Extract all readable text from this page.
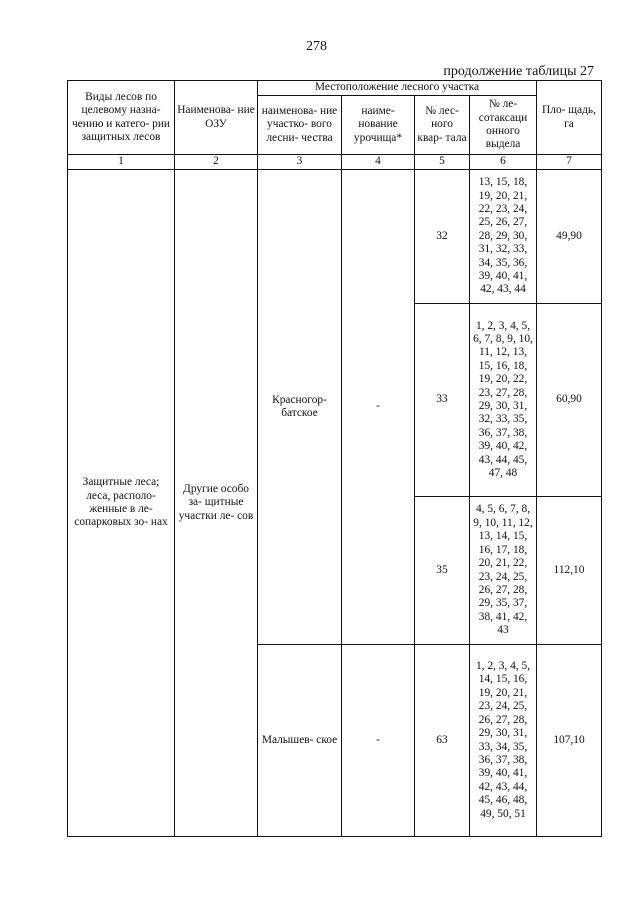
278
продолжение таблицы 27
Виды лесов по целевому назна- чению и катего- рии защитных лесов	Наименова- ние ОЗУ	Местоположение лесного участка				Пло- щадь, га
		наименова- ние участко- вого лесни- чества	наиме- нование урочища*	№ лес- ного квар- тала	№ ле- сотаксаци онного выдела	
1	2	3	4	5	6	7
Защитные леса; леса, располо- женные в ле- сопарковых зо- нах	Другие особо за- щитные участки ле- сов	Красногор- батское	-	32	13, 15, 18, 19, 20, 21, 22, 23, 24, 25, 26, 27, 28, 29, 30, 31, 32, 33, 34, 35, 36, 39, 40, 41, 42, 43, 44	49,90
				33	1, 2, 3, 4, 5, 6, 7, 8, 9, 10, 11, 12, 13, 15, 16, 18, 19, 20, 22, 23, 27, 28, 29, 30, 31, 32, 33, 35, 36, 37, 38, 39, 40, 42, 43, 44, 45, 47, 48	60,90
				35	4, 5, 6, 7, 8, 9, 10, 11, 12, 13, 14, 15, 16, 17, 18, 20, 21, 22, 23, 24, 25, 26, 27, 28, 29, 35, 37, 38, 41, 42, 43	112,10
		Малышев- ское	-	63	1, 2, 3, 4, 5, 14, 15, 16, 19, 20, 21, 23, 24, 25, 26, 27, 28, 29, 30, 31, 33, 34, 35, 36, 37, 38, 39, 40, 41, 42, 43, 44, 45, 46, 48, 49, 50, 51	107,10
